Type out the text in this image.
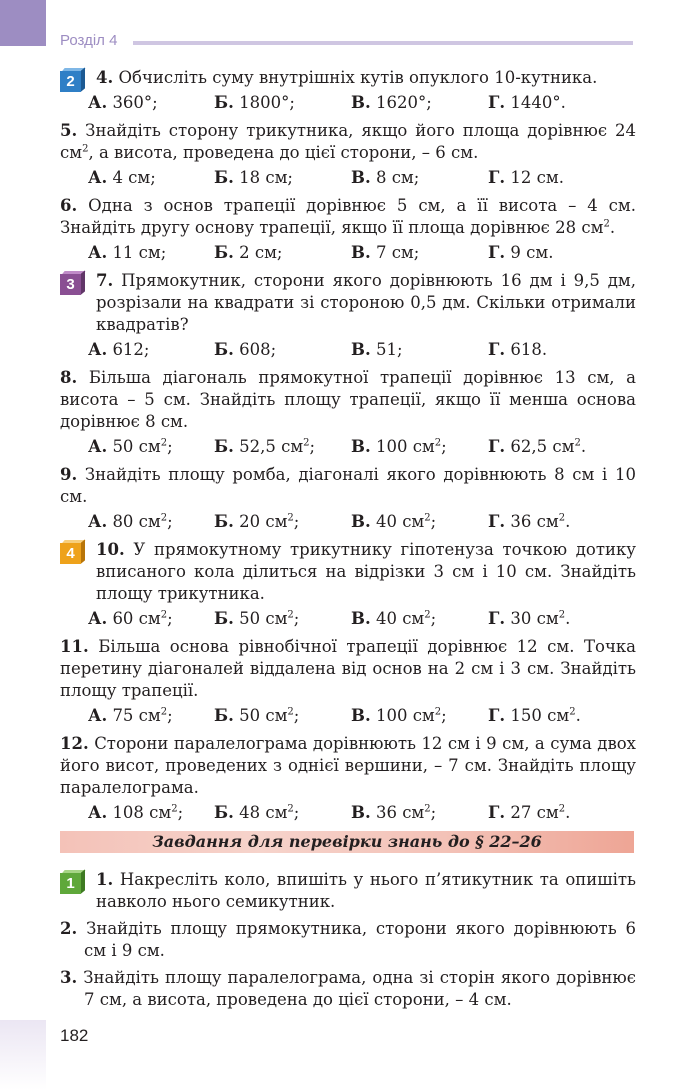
Розділ 4
2	4. Обчисліть суму внутрішніх кутів опуклого 10-кутника.

А. 360°;	Б. 1800°;	В. 1620°;	Г. 1440°.

5. Знайдіть сторону трикутника, якщо його площа дорівнює 24 $см^2$, а висота, проведена до цієї сторони, – 6 см.

А. 4 см;	Б. 18 см;	В. 8 см;	Г. 12 см.

6. Одна з основ трапеції дорівнює 5 см, а її висота – 4 см. Знайдіть другу основу трапеції, якщо її площа дорівнює 28 $см^2$.

А. 11 см;	Б. 2 см;	В. 7 см;	Г. 9 см.
3	7. Прямокутник, сторони якого дорівнюють 16 дм і 9,5 дм, розрізали на квадрати зі стороною 0,5 дм. Скільки отримали квадратів?

А. 612;	Б. 608;	В. 51;	Г. 618.

8. Більша діагональ прямокутної трапеції дорівнює 13 см, а висота – 5 см. Знайдіть площу трапеції, якщо її менша основа дорівнює 8 см.

А. 50 $см^2$;	Б. 52,5 $см^2$;	В. 100 $см^2$;	Г. 62,5 $см^2$.

9. Знайдіть площу ромба, діагоналі якого дорівнюють 8 см і 10 см.

А. 80 $см^2$;	Б. 20 $см^2$;	В. 40 $см^2$;	Г. 36 $см^2$.
4	10. У прямокутному трикутнику гіпотенуза точкою дотику вписаного кола ділиться на відрізки 3 см і 10 см. Знайдіть площу трикутника.

А. 60 $см^2$;	Б. 50 $см^2$;	В. 40 $см^2$;	Г. 30 $см^2$.

11. Більша основа рівнобічної трапеції дорівнює 12 см. Точка перетину діагоналей віддалена від основ на 2 см і 3 см. Знайдіть площу трапеції.

А. 75 $см^2$;	Б. 50 $см^2$;	В. 100 $см^2$;	Г. 150 $см^2$.

12. Сторони паралелограма дорівнюють 12 см і 9 см, а сума двох його висот, проведених з однієї вершини, – 7 см. Знайдіть площу паралелограма.

А. 108 $см^2$;	Б. 48 $см^2$;	В. 36 $см^2$;	Г. 27 $см^2$.
Завдання для перевірки знань до § 22–26
1	1. Накресліть коло, впишіть у нього п’ятикутник та опишіть навколо нього семикутник.

2. Знайдіть площу прямокутника, сторони якого дорівнюють 6 см і 9 см.

3. Знайдіть площу паралелограма, одна зі сторін якого дорівнює 7 см, а висота, проведена до цієї сторони, – 4 см.

182
